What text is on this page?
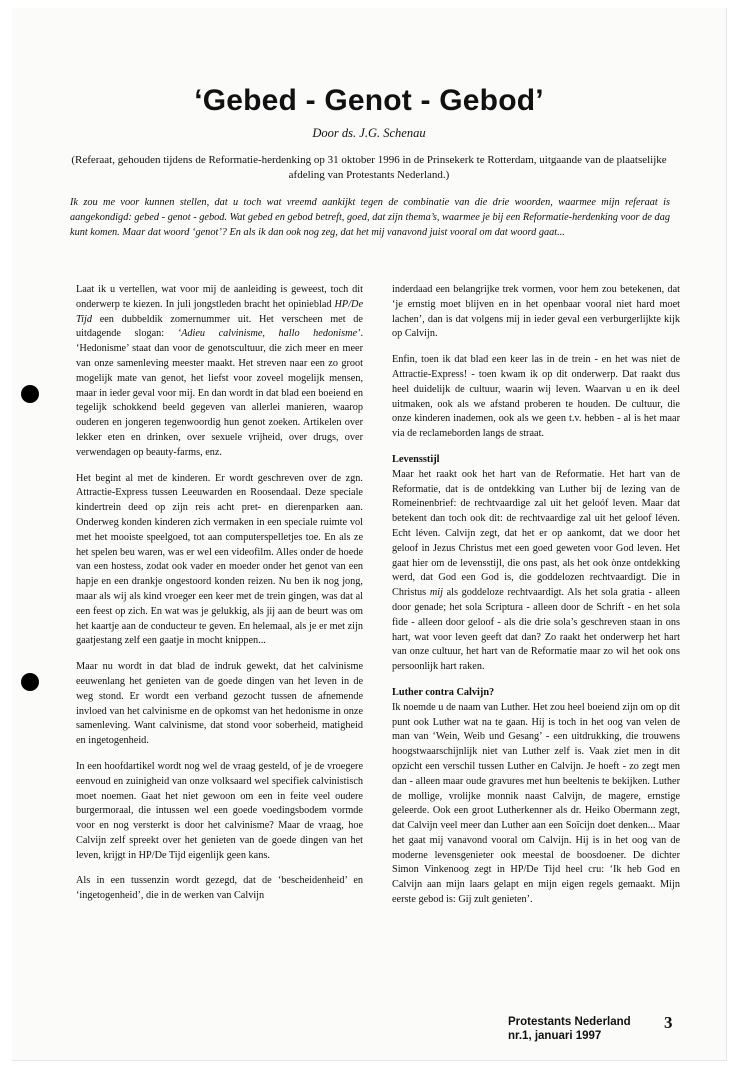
‘Gebed - Genot - Gebod’
Door ds. J.G. Schenau
(Referaat, gehouden tijdens de Reformatie-herdenking op 31 oktober 1996 in de Prinsekerk te Rotterdam, uitgaande van de plaatselijke afdeling van Protestants Nederland.)
Ik zou me voor kunnen stellen, dat u toch wat vreemd aankijkt tegen de combinatie van die drie woorden, waarmee mijn referaat is aangekondigd: gebed - genot - gebod. Wat gebed en gebod betreft, goed, dat zijn thema’s, waarmee je bij een Reformatie-herdenking voor de dag kunt komen. Maar dat woord ‘genot’? En als ik dan ook nog zeg, dat het mij vanavond juist vooral om dat woord gaat...

Laat ik u vertellen, wat voor mij de aanleiding is geweest, toch dit onderwerp te kiezen. In juli jongstleden bracht het opinieblad HP/De Tijd een dubbeldik zomernummer uit. Het verscheen met de uitdagende slogan: ‘Adieu calvinisme, hallo hedonisme’. ‘Hedonisme’ staat dan voor de genotscultuur, die zich meer en meer van onze samenleving meester maakt. Het streven naar een zo groot mogelijk mate van genot, het liefst voor zoveel mogelijk mensen, maar in ieder geval voor mij. En dan wordt in dat blad een boeiend en tegelijk schokkend beeld gegeven van allerlei manieren, waarop ouderen en jongeren tegenwoordig hun genot zoeken. Artikelen over lekker eten en drinken, over sexuele vrijheid, over drugs, over verwendagen op beauty-farms, enz.

Het begint al met de kinderen. Er wordt geschreven over de zgn. Attractie-Express tussen Leeuwarden en Roosendaal. Deze speciale kindertrein deed op zijn reis acht pret- en dierenparken aan. Onderweg konden kinderen zich vermaken in een speciale ruimte vol met het mooiste speelgoed, tot aan computerspelletjes toe. En als ze het spelen beu waren, was er wel een videofilm. Alles onder de hoede van een hostess, zodat ook vader en moeder onder het genot van een hapje en een drankje ongestoord konden reizen. Nu ben ik nog jong, maar als wij als kind vroeger een keer met de trein gingen, was dat al een feest op zich. En wat was je gelukkig, als jij aan de beurt was om het kaartje aan de conducteur te geven. En helemaal, als je er met zijn gaatjestang zelf een gaatje in mocht knippen...

Maar nu wordt in dat blad de indruk gewekt, dat het calvinisme eeuwenlang het genieten van de goede dingen van het leven in de weg stond. Er wordt een verband gezocht tussen de afnemende invloed van het calvinisme en de opkomst van het hedonisme in onze samenleving. Want calvinisme, dat stond voor soberheid, matigheid en ingetogenheid.

In een hoofdartikel wordt nog wel de vraag gesteld, of je de vroegere eenvoud en zuinigheid van onze volksaard wel specifiek calvinistisch moet noemen. Gaat het niet gewoon om een in feite veel oudere burgermoraal, die intussen wel een goede voedingsbodem vormde voor en nog versterkt is door het calvinisme? Maar de vraag, hoe Calvijn zelf spreekt over het genieten van de goede dingen van het leven, krijgt in HP/De Tijd eigenlijk geen kans.

Als in een tussenzin wordt gezegd, dat de ‘bescheidenheid’ en ‘ingetogenheid’, die in de werken van Calvijn

inderdaad een belangrijke trek vormen, voor hem zou betekenen, dat ‘je ernstig moet blijven en in het openbaar vooral niet hard moet lachen’, dan is dat volgens mij in ieder geval een verburgerlijkte kijk op Calvijn.

Enfin, toen ik dat blad een keer las in de trein - en het was niet de Attractie-Express! - toen kwam ik op dit onderwerp. Dat raakt dus heel duidelijk de cultuur, waarin wij leven. Waarvan u en ik deel uitmaken, ook als we afstand proberen te houden. De cultuur, die onze kinderen inademen, ook als we geen t.v. hebben - al is het maar via de reclameborden langs de straat.

Levensstijl

Maar het raakt ook het hart van de Reformatie. Het hart van de Reformatie, dat is de ontdekking van Luther bij de lezing van de Romeinenbrief: de rechtvaardige zal uit het geloóf leven. Maar dat betekent dan toch ook dit: de rechtvaardige zal uit het geloof léven. Echt léven. Calvijn zegt, dat het er op aankomt, dat we door het geloof in Jezus Christus met een goed geweten voor God leven. Het gaat hier om de levensstijl, die ons past, als het ook ònze ontdekking werd, dat God een God is, die goddelozen rechtvaardigt. Die in Christus mij als goddeloze rechtvaardigt. Als het sola gratia - alleen door genade; het sola Scriptura - alleen door de Schrift - en het sola fide - alleen door geloof - als die drie sola’s geschreven staan in ons hart, wat voor leven geeft dat dan? Zo raakt het onderwerp het hart van onze cultuur, het hart van de Reformatie maar zo wil het ook ons persoonlijk hart raken.

Luther contra Calvijn?

Ik noemde u de naam van Luther. Het zou heel boeiend zijn om op dit punt ook Luther wat na te gaan. Hij is toch in het oog van velen de man van ‘Wein, Weib und Gesang’ - een uitdrukking, die trouwens hoogstwaarschijnlijk niet van Luther zelf is. Vaak ziet men in dit opzicht een verschil tussen Luther en Calvijn. Je hoeft - zo zegt men dan - alleen maar oude gravures met hun beeltenis te bekijken. Luther de mollige, vrolijke monnik naast Calvijn, de magere, ernstige geleerde. Ook een groot Lutherkenner als dr. Heiko Obermann zegt, dat Calvijn veel meer dan Luther aan een Soïcijn doet denken... Maar het gaat mij vanavond vooral om Calvijn. Hij is in het oog van de moderne levensgenieter ook meestal de boosdoener. De dichter Simon Vinkenoog zegt in HP/De Tijd heel cru: ‘Ik heb God en Calvijn aan mijn laars gelapt en mijn eigen regels gemaakt. Mijn eerste gebod is: Gij zult genieten’.

Protestants Nederland
nr.1, januari 1997
3
